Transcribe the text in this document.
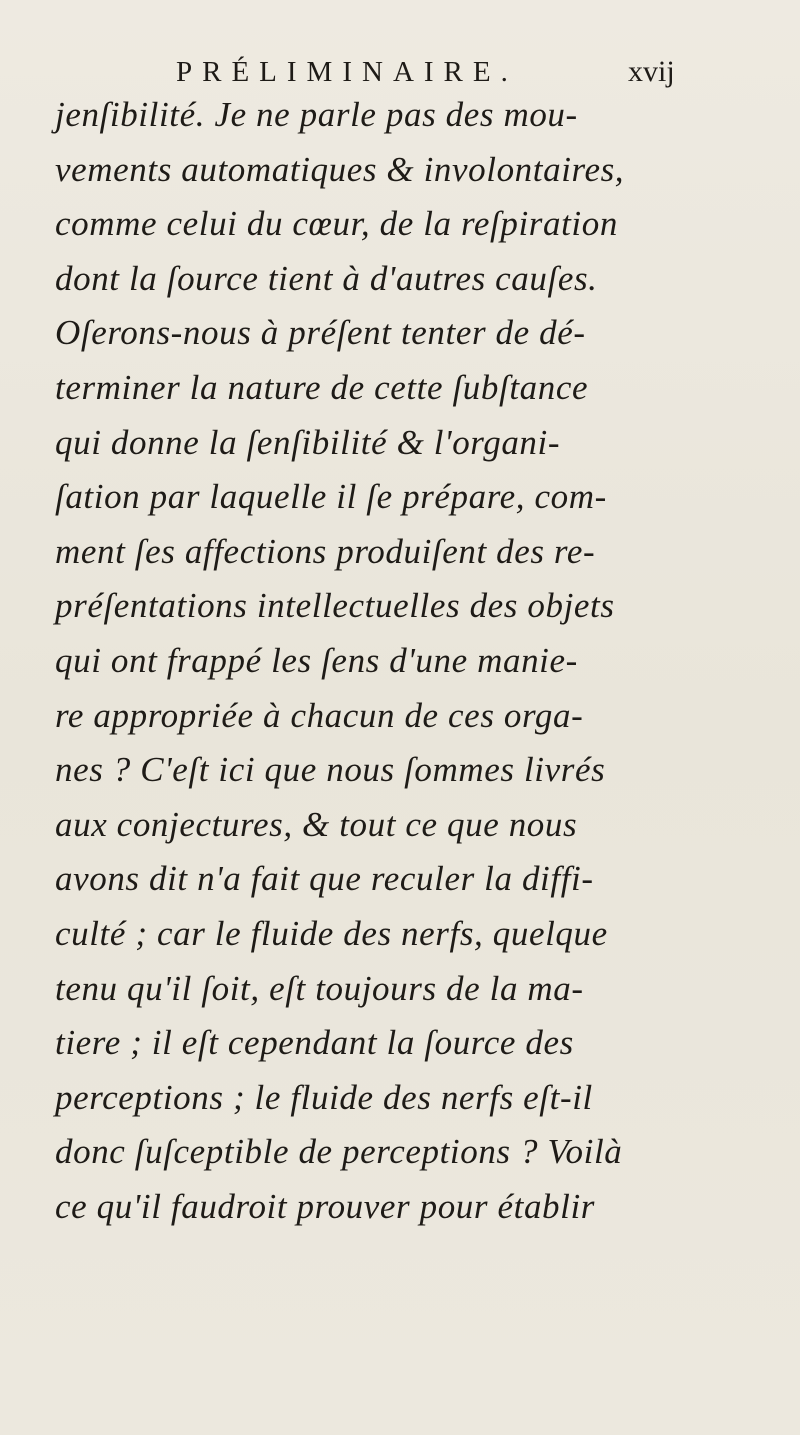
PRÉLIMINAIRE.	xvij
jenſibilité. Je ne parle pas des mou-
vements automatiques & involontaires,
comme celui du cœur, de la reſpiration
dont la ſource tient à d'autres cauſes.
Oſerons-nous à préſent tenter de dé-
terminer la nature de cette ſubſtance
qui donne la ſenſibilité & l'organi-
ſation par laquelle il ſe prépare, com-
ment ſes affections produiſent des re-
préſentations intellectuelles des objets
qui ont frappé les ſens d'une manie-
re appropriée à chacun de ces orga-
nes ? C'eſt ici que nous ſommes livrés
aux conjectures, & tout ce que nous
avons dit n'a fait que reculer la diffi-
culté ; car le fluide des nerfs, quelque
tenu qu'il ſoit, eſt toujours de la ma-
tiere ; il eſt cependant la ſource des
perceptions ; le fluide des nerfs eſt-il
donc ſuſceptible de perceptions ? Voilà
ce qu'il faudroit prouver pour établir
